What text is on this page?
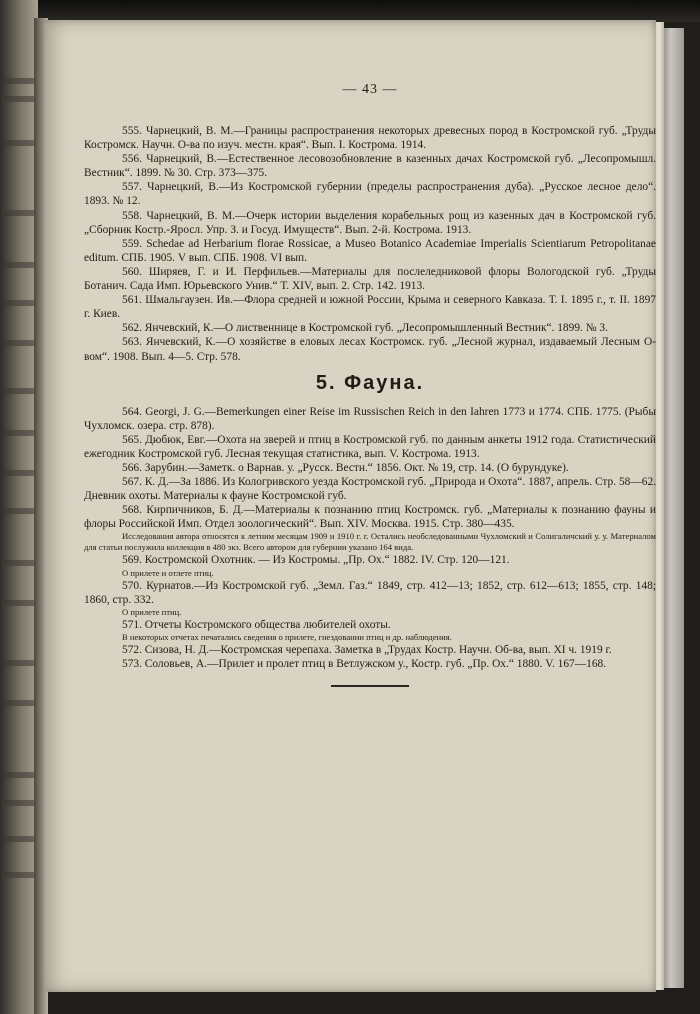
— 43 —

555. Чарнецкий, В. М.—Границы распространения некоторых древесных пород в Костромской губ. „Труды Костромск. Научн. О-ва по изуч. местн. края“. Вып. I. Кострома. 1914.

556. Чарнецкий, В.—Естественное лесовозобновление в казенных дачах Костромской губ. „Лесопромышл. Вестник“. 1899. № 30. Стр. 373—375.

557. Чарнецкий, В.—Из Костромской губернии (пределы распространения дуба). „Русское лесное дело“. 1893. № 12.

558. Чарнецкий, В. М.—Очерк истории выделения корабельных рощ из казенных дач в Костромской губ. „Сборник Костр.-Яросл. Упр. З. и Госуд. Имуществ“. Вып. 2-й. Кострома. 1913.

559. Schedae ad Herbarium florae Rossicae, a Museo Botanico Academiae Imperialis Scientiarum Petropolitanae editum. СПБ. 1905. V вып. СПБ. 1908. VI вып.

560. Ширяев, Г. и И. Перфильев.—Материалы для послеледниковой флоры Вологодской губ. „Труды Ботанич. Сада Имп. Юрьевского Унив.“ Т. XIV, вып. 2. Стр. 142. 1913.

561. Шмальгаузен. Ив.—Флора средней и южной России, Крыма и северного Кавказа. Т. I. 1895 г., т. II. 1897 г. Киев.

562. Янчевский, К.—О лиственнице в Костромской губ. „Лесопромышленный Вестник“. 1899. № 3.

563. Янчевский, К.—О хозяйстве в еловых лесах Костромск. губ. „Лесной журнал, издаваемый Лесным О-вом“. 1908. Вып. 4—5. Стр. 578.

5. Фауна.

564. Georgi, J. G.—Bemerkungen einer Reise im Russischen Reich in den Iahren 1773 и 1774. СПБ. 1775. (Рыбы Чухломск. озера. стр. 878).

565. Дюбюк, Евг.—Охота на зверей и птиц в Костромской губ. по данным анкеты 1912 года. Статистический ежегодник Костромской губ. Лесная текущая статистика, вып. V. Кострома. 1913.

566. Зарубин.—Заметк. о Варнав. у. „Русск. Вестн.“ 1856. Окт. № 19, стр. 14. (О бурундуке).

567. К. Д.—За 1886. Из Кологривского уезда Костромской губ. „Природа и Охота“. 1887, апрель. Стр. 58—62. Дневник охоты. Материалы к фауне Костромской губ.

568. Кирпичников, Б. Д.—Материалы к познанию птиц Костромск. губ. „Материалы к познанию фауны и флоры Российской Имп. Отдел зоологический“. Вып. XIV. Москва. 1915. Стр. 380—435.

Исследования автора относятся к летним месяцам 1909 и 1910 г. г. Остались необследованными Чухломский и Солигаличский у. у. Материалом для статьи послужила коллекция в 480 экз. Всего автором для губернии указано 164 вида.

569. Костромской Охотник. — Из Костромы. „Пр. Ох.“ 1882. IV. Стр. 120—121.

О прилете и отлете птиц.

570. Курнатов.—Из Костромской губ. „Земл. Газ.“ 1849, стр. 412—13; 1852, стр. 612—613; 1855, стр. 148; 1860, стр. 332.

О прилете птиц.

571. Отчеты Костромского общества любителей охоты.

В некоторых отчетах печатались сведения о прилете, гнездовании птиц и др. наблюдения.

572. Сизова, Н. Д.—Костромская черепаха. Заметка в „Трудах Костр. Научн. Об-ва, вып. XI ч. 1919 г.

573. Соловьев, А.—Прилет и пролет птиц в Ветлужском у., Костр. губ. „Пр. Ох.“ 1880. V. 167—168.
